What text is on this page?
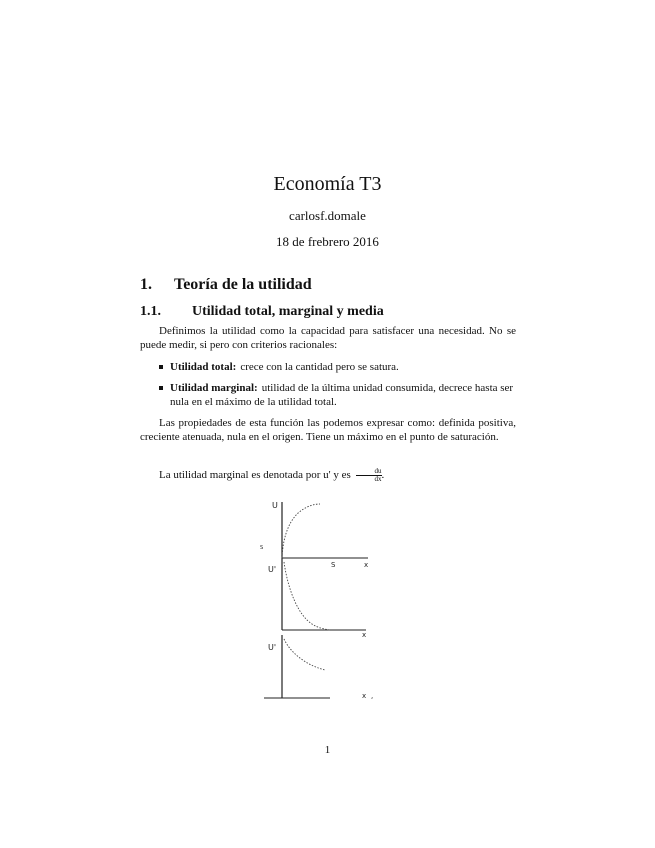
Economía T3
carlosf.domale
18 de frebrero 2016
1. Teoría de la utilidad
1.1. Utilidad total, marginal y media
Definimos la utilidad como la capacidad para satisfacer una necesidad. No se puede medir, si pero con criterios racionales:
Utilidad total: crece con la cantidad pero se satura.
Utilidad marginal: utilidad de la última unidad consumida, decrece hasta ser nula en el máximo de la utilidad total.
Las propiedades de esta función las podemos expresar como: definida positiva, creciente atenuada, nula en el origen. Tiene un máximo en el punto de saturación.
La utilidad marginal es denotada por u' y es $\frac{du}{dx}$ .
U
S
S	x
U'
x
U'
x ,
1
